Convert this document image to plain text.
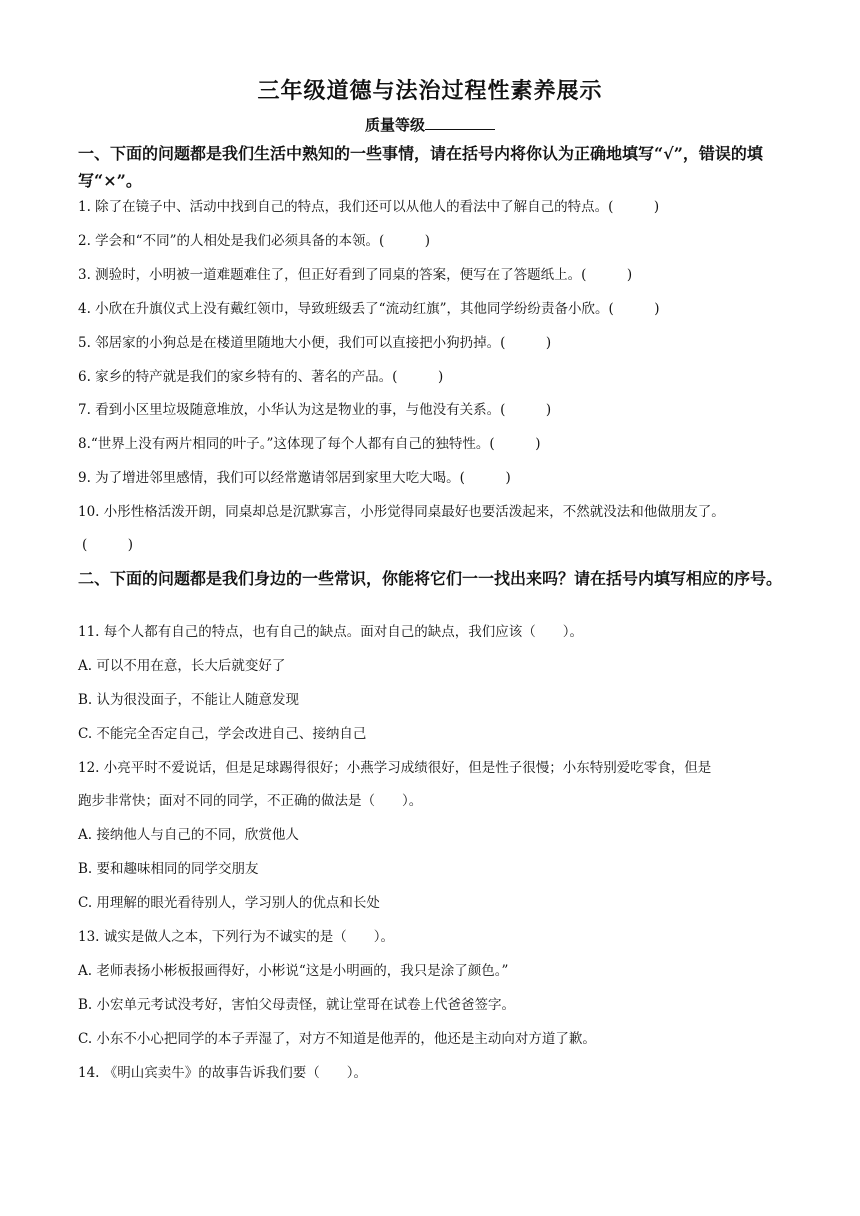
三年级道德与法治过程性素养展示
质量等级
一、下面的问题都是我们生活中熟知的一些事情，请在括号内将你认为正确地填写“√”，错误的填写“×”。
1. 除了在镜子中、活动中找到自己的特点，我们还可以从他人的看法中了解自己的特点。(　　　)
2. 学会和“不同”的人相处是我们必须具备的本领。(　　　)
3. 测验时，小明被一道难题难住了，但正好看到了同桌的答案，便写在了答题纸上。(　　　)
4. 小欣在升旗仪式上没有戴红领巾，导致班级丢了“流动红旗”，其他同学纷纷责备小欣。(　　　)
5. 邻居家的小狗总是在楼道里随地大小便，我们可以直接把小狗扔掉。(　　　)
6. 家乡的特产就是我们的家乡特有的、著名的产品。(　　　)
7. 看到小区里垃圾随意堆放，小华认为这是物业的事，与他没有关系。(　　　)
8.“世界上没有两片相同的叶子。”这体现了每个人都有自己的独特性。(　　　)
9. 为了增进邻里感情，我们可以经常邀请邻居到家里大吃大喝。(　　　)
10. 小彤性格活泼开朗，同桌却总是沉默寡言，小彤觉得同桌最好也要活泼起来，不然就没法和他做朋友了。
(　　　)
二、下面的问题都是我们身边的一些常识，你能将它们一一找出来吗？请在括号内填写相应的序号。
11. 每个人都有自己的特点，也有自己的缺点。面对自己的缺点，我们应该（　　）。
A. 可以不用在意，长大后就变好了
B. 认为很没面子，不能让人随意发现
C. 不能完全否定自己，学会改进自己、接纳自己
12. 小亮平时不爱说话，但是足球踢得很好；小燕学习成绩很好，但是性子很慢；小东特别爱吃零食，但是
跑步非常快；面对不同的同学，不正确的做法是（　　）。
A. 接纳他人与自己的不同，欣赏他人
B. 要和趣味相同的同学交朋友
C. 用理解的眼光看待别人，学习别人的优点和长处
13. 诚实是做人之本，下列行为不诚实的是（　　）。
A. 老师表扬小彬板报画得好，小彬说“这是小明画的，我只是涂了颜色。”
B. 小宏单元考试没考好，害怕父母责怪，就让堂哥在试卷上代爸爸签字。
C. 小东不小心把同学的本子弄湿了，对方不知道是他弄的，他还是主动向对方道了歉。
14. 《明山宾卖牛》的故事告诉我们要（　　）。
